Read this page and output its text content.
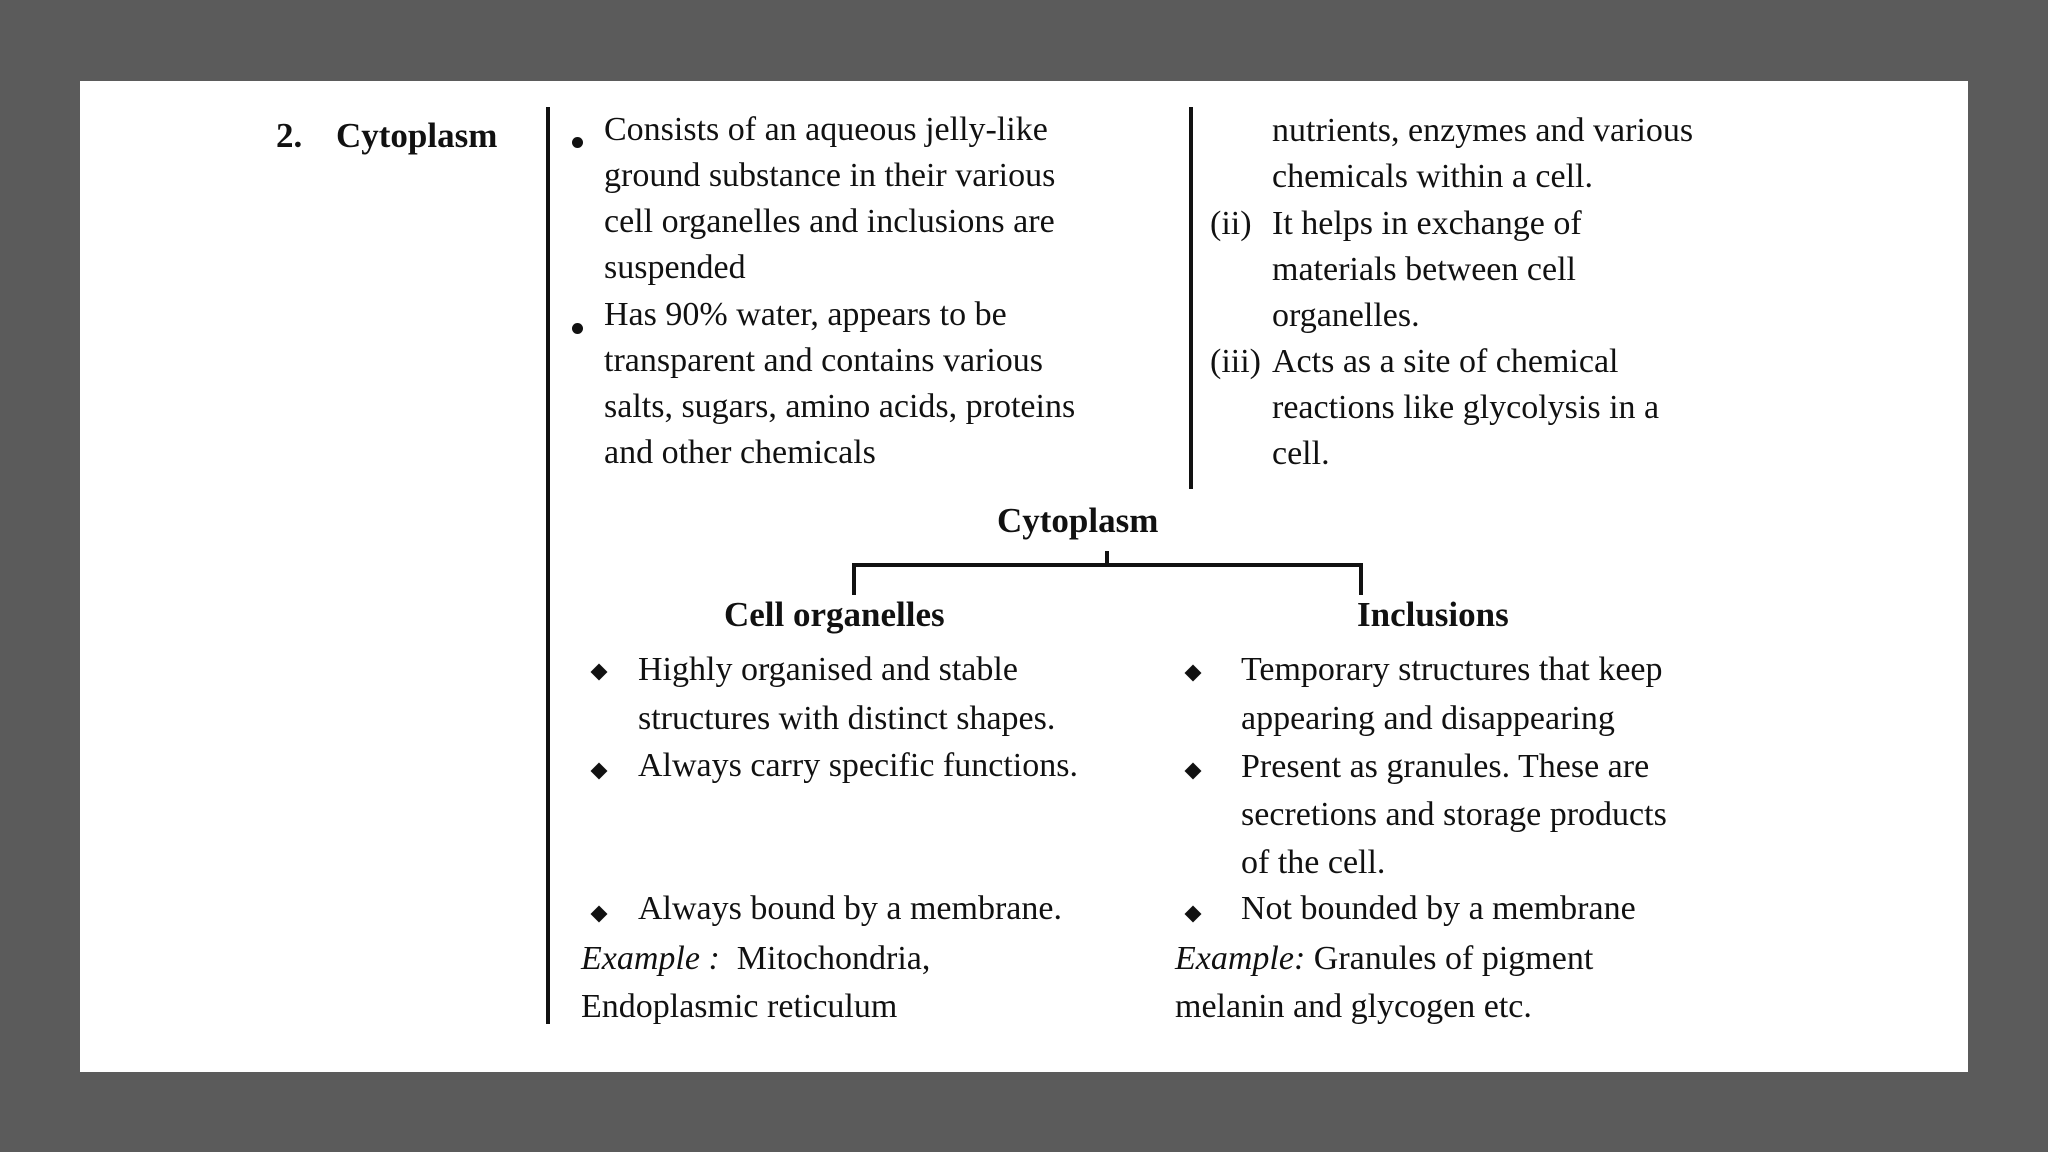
2. Cytoplasm	Consists of an aqueous jelly-like
ground substance in their various
cell organelles and inclusions are
suspended
Has 90% water, appears to be
transparent and contains various
salts, sugars, amino acids, proteins
and other chemicals
nutrients, enzymes and various
chemicals within a cell.
(ii) It helps in exchange of
materials between cell
organelles.
(iii) Acts as a site of chemical
reactions like glycolysis in a
cell.
Cytoplasm
Cell organelles	Inclusions
Highly organised and stable
structures with distinct shapes.
Always carry specific functions.
Always bound by a membrane.
Example : Mitochondria,
Endoplasmic reticulum
Temporary structures that keep
appearing and disappearing
Present as granules. These are
secretions and storage products
of the cell.
Not bounded by a membrane
Example: Granules of pigment
melanin and glycogen etc.
